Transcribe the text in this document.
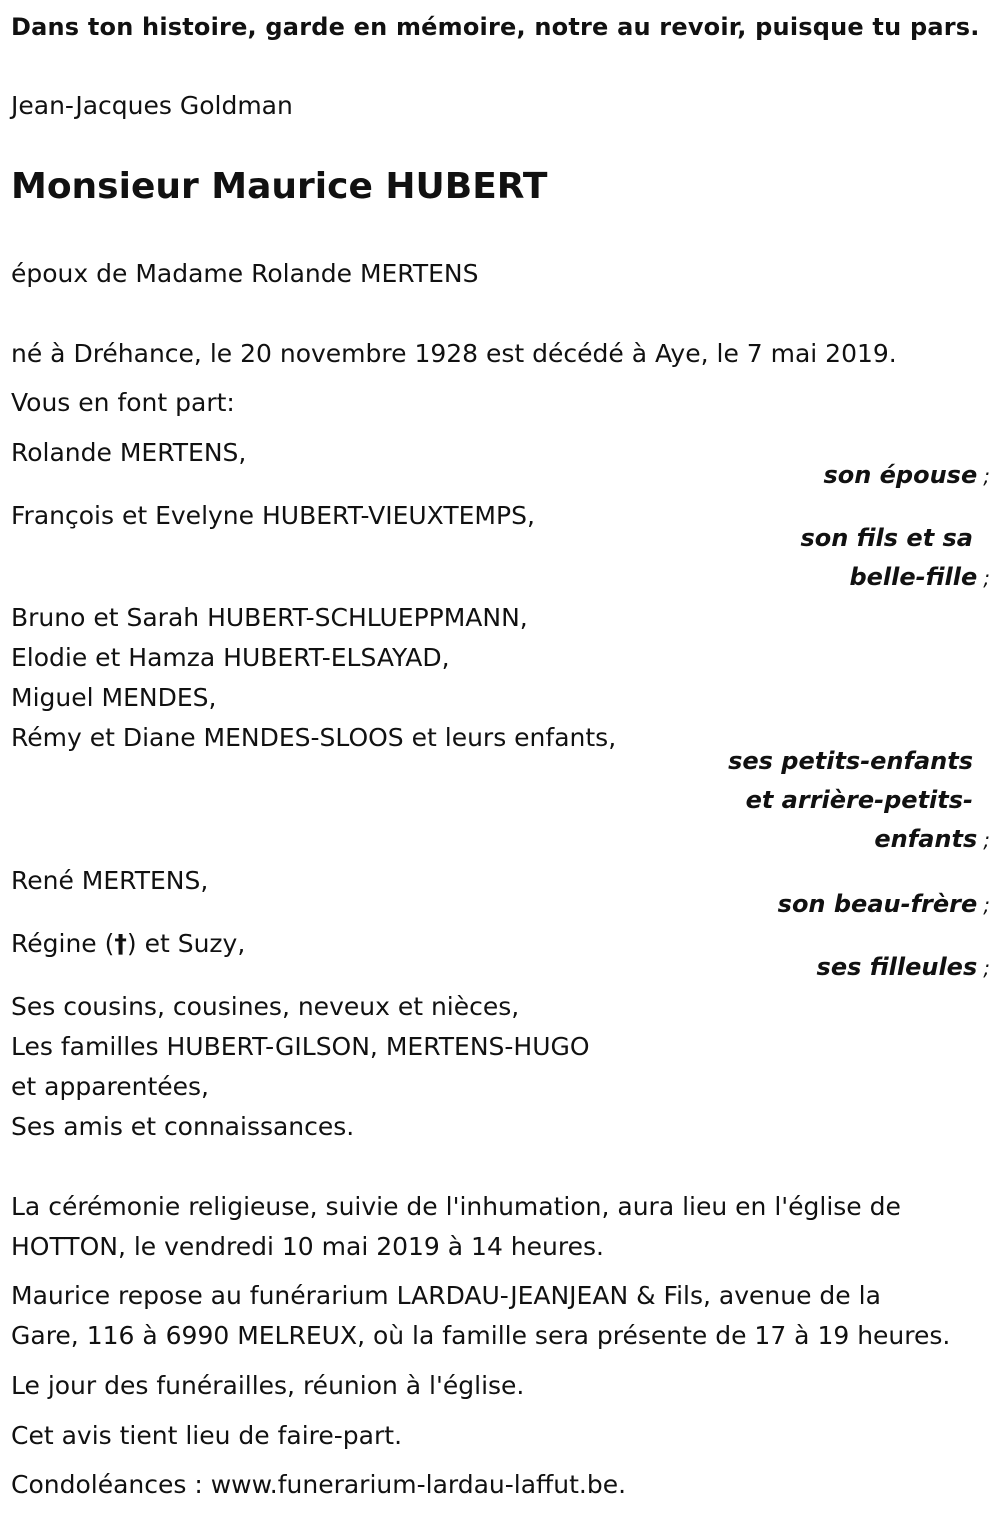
Dans ton histoire, garde en mémoire, notre au revoir, puisque tu pars.

Jean-Jacques Goldman

Monsieur Maurice HUBERT

époux de Madame Rolande MERTENS

né à Dréhance, le 20 novembre 1928 est décédé à Aye, le 7 mai 2019.

Vous en font part:

Rolande MERTENS,

son épouse ;

François et Evelyne HUBERT-VIEUXTEMPS,

son fils et sa
belle-fille ;

Bruno et Sarah HUBERT-SCHLUEPPMANN,

Elodie et Hamza HUBERT-ELSAYAD,

Miguel MENDES,

Rémy et Diane MENDES-SLOOS et leurs enfants,

ses petits-enfants
et arrière-petits-
enfants ;

René MERTENS,

son beau-frère ;

Régine (†) et Suzy,

ses filleules ;

Ses cousins, cousines, neveux et nièces,

Les familles HUBERT-GILSON, MERTENS-HUGO

et apparentées,

Ses amis et connaissances.

La cérémonie religieuse, suivie de l'inhumation, aura lieu en l'église de

HOTTON, le vendredi 10 mai 2019 à 14 heures.

Maurice repose au funérarium LARDAU-JEANJEAN & Fils, avenue de la

Gare, 116 à 6990 MELREUX, où la famille sera présente de 17 à 19 heures.

Le jour des funérailles, réunion à l'église.

Cet avis tient lieu de faire-part.

Condoléances : www.funerarium-lardau-laffut.be.
